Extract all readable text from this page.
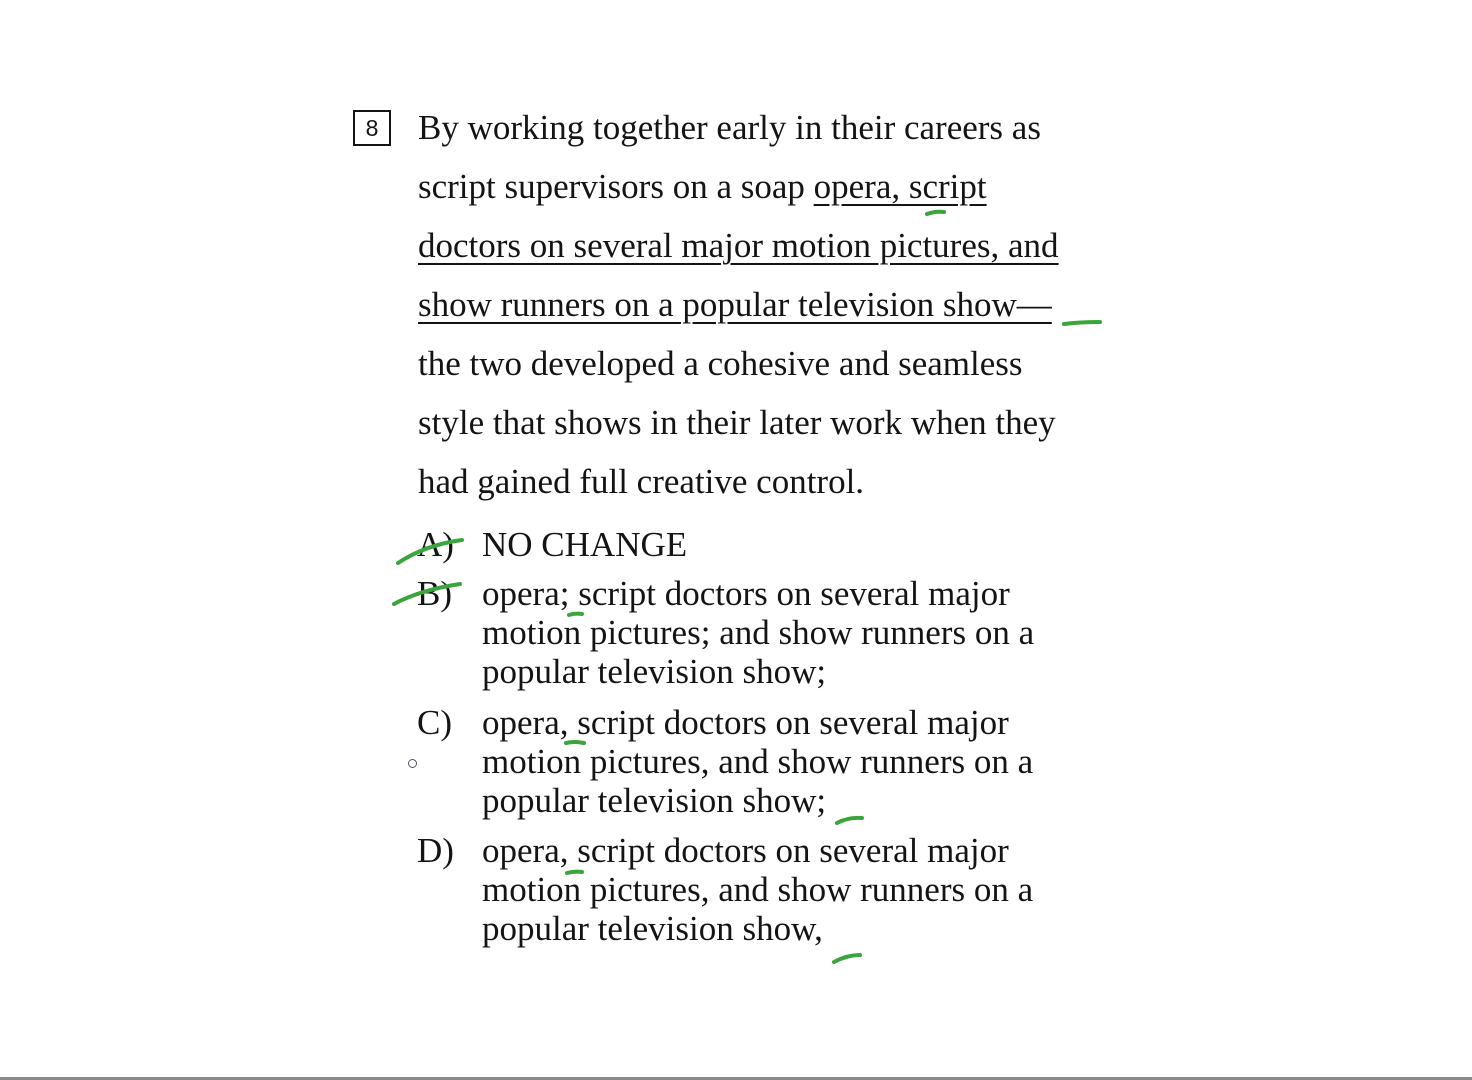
8	By working together early in their careers as
script supervisors on a soap opera, script
doctors on several major motion pictures, and
show runners on a popular television show—
the two developed a cohesive and seamless
style that shows in their later work when they
had gained full creative control.
A) NO CHANGE
B) opera; script doctors on several major
motion pictures; and show runners on a
popular television show;
C) opera, script doctors on several major
motion pictures, and show runners on a
popular television show;
D) opera, script doctors on several major
motion pictures, and show runners on a
popular television show,
